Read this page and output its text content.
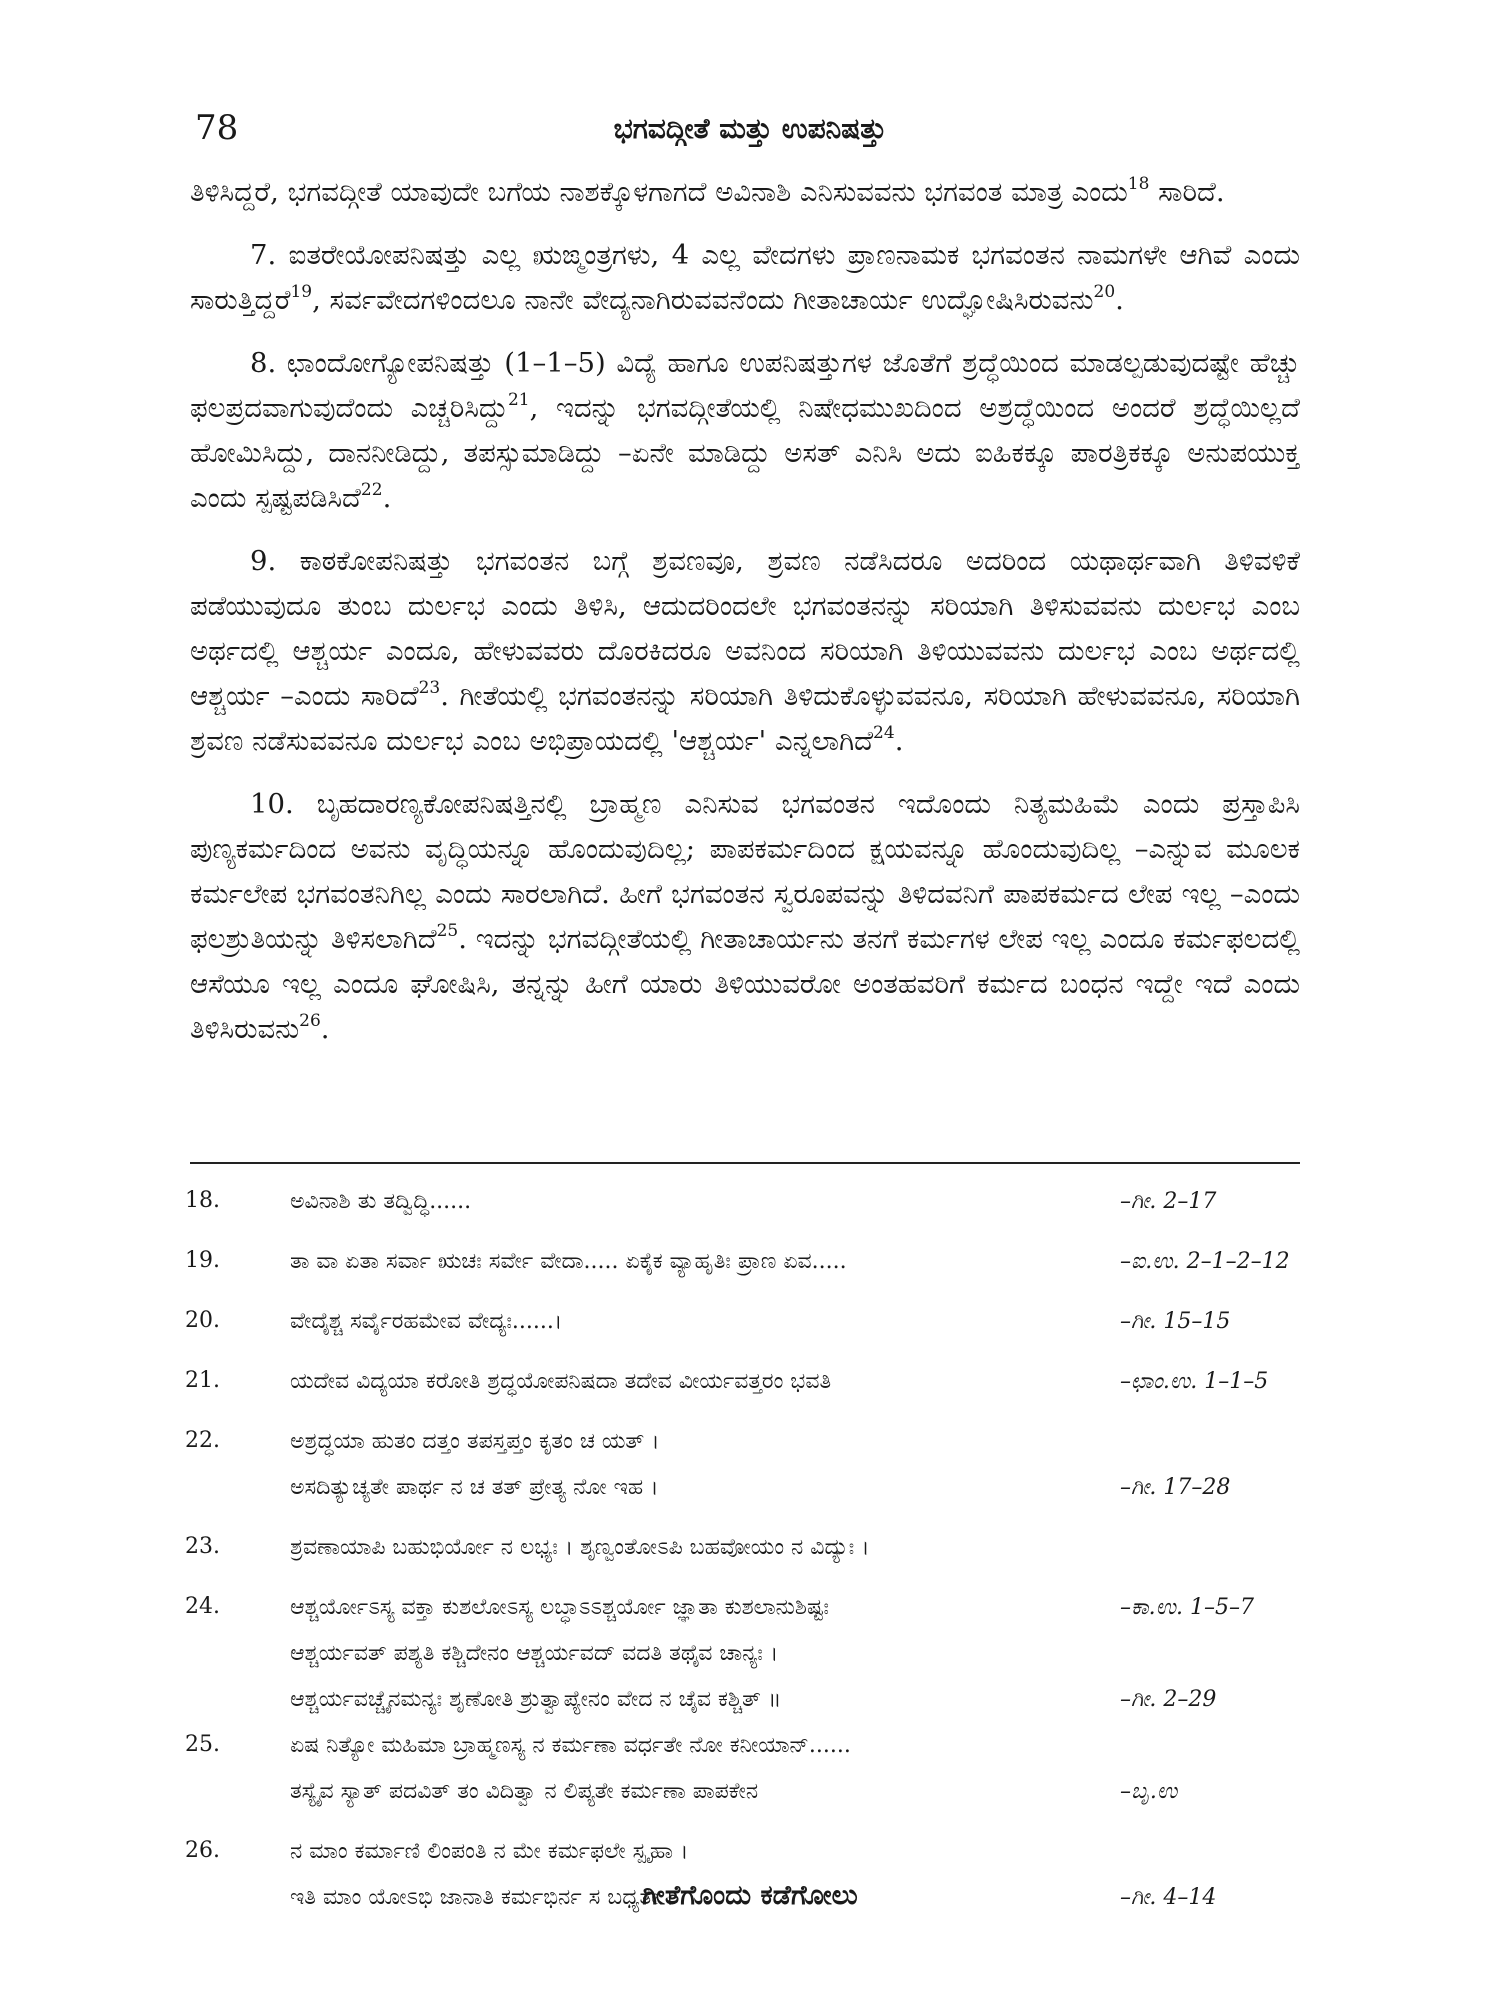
78	ಭಗವದ್ಗೀತೆ ಮತ್ತು ಉಪನಿಷತ್ತು

ತಿಳಿಸಿದ್ದರೆ, ಭಗವದ್ಗೀತೆ ಯಾವುದೇ ಬಗೆಯ ನಾಶಕ್ಕೊಳಗಾಗದೆ ಅವಿನಾಶಿ ಎನಿಸುವವನು ಭಗವಂತ ಮಾತ್ರ ಎಂದು$^{18}$ ಸಾರಿದೆ.

7. ಐತರೇಯೋಪನಿಷತ್ತು ಎಲ್ಲ ಋಙ್ಮಂತ್ರಗಳು, 4 ಎಲ್ಲ ವೇದಗಳು ಪ್ರಾಣನಾಮಕ ಭಗವಂತನ ನಾಮಗಳೇ ಆಗಿವೆ ಎಂದು ಸಾರುತ್ತಿದ್ದರೆ$^{19}$, ಸರ್ವವೇದಗಳಿಂದಲೂ ನಾನೇ ವೇದ್ಯನಾಗಿರುವವನೆಂದು ಗೀತಾಚಾರ್ಯ ಉದ್ಘೋಷಿಸಿರುವನು$^{20}$.

8. ಛಾಂದೋಗ್ಯೋಪನಿಷತ್ತು (1–1–5) ವಿದ್ಯೆ ಹಾಗೂ ಉಪನಿಷತ್ತುಗಳ ಜೊತೆಗೆ ಶ್ರದ್ಧೆಯಿಂದ ಮಾಡಲ್ಪಡುವುದಷ್ಟೇ ಹೆಚ್ಚು ಫಲಪ್ರದವಾಗುವುದೆಂದು ಎಚ್ಚರಿಸಿದ್ದು$^{21}$, ಇದನ್ನು ಭಗವದ್ಗೀತೆಯಲ್ಲಿ ನಿಷೇಧಮುಖದಿಂದ ಅಶ್ರದ್ಧೆಯಿಂದ ಅಂದರೆ ಶ್ರದ್ಧೆಯಿಲ್ಲದೆ ಹೋಮಿಸಿದ್ದು, ದಾನನೀಡಿದ್ದು, ತಪಸ್ಸುಮಾಡಿದ್ದು –ಏನೇ ಮಾಡಿದ್ದು ಅಸತ್ ಎನಿಸಿ ಅದು ಐಹಿಕಕ್ಕೂ ಪಾರತ್ರಿಕಕ್ಕೂ ಅನುಪಯುಕ್ತ ಎಂದು ಸ್ಪಷ್ಟಪಡಿಸಿದೆ$^{22}$.

9. ಕಾಠಕೋಪನಿಷತ್ತು ಭಗವಂತನ ಬಗ್ಗೆ ಶ್ರವಣವೂ, ಶ್ರವಣ ನಡೆಸಿದರೂ ಅದರಿಂದ ಯಥಾರ್ಥವಾಗಿ ತಿಳಿವಳಿಕೆ ಪಡೆಯುವುದೂ ತುಂಬ ದುರ್ಲಭ ಎಂದು ತಿಳಿಸಿ, ಆದುದರಿಂದಲೇ ಭಗವಂತನನ್ನು ಸರಿಯಾಗಿ ತಿಳಿಸುವವನು ದುರ್ಲಭ ಎಂಬ ಅರ್ಥದಲ್ಲಿ ಆಶ್ಚರ್ಯ ಎಂದೂ, ಹೇಳುವವರು ದೊರಕಿದರೂ ಅವನಿಂದ ಸರಿಯಾಗಿ ತಿಳಿಯುವವನು ದುರ್ಲಭ ಎಂಬ ಅರ್ಥದಲ್ಲಿ ಆಶ್ಚರ್ಯ –ಎಂದು ಸಾರಿದೆ$^{23}$. ಗೀತೆಯಲ್ಲಿ ಭಗವಂತನನ್ನು ಸರಿಯಾಗಿ ತಿಳಿದುಕೊಳ್ಳುವವನೂ, ಸರಿಯಾಗಿ ಹೇಳುವವನೂ, ಸರಿಯಾಗಿ ಶ್ರವಣ ನಡೆಸುವವನೂ ದುರ್ಲಭ ಎಂಬ ಅಭಿಪ್ರಾಯದಲ್ಲಿ 'ಆಶ್ಚರ್ಯ' ಎನ್ನಲಾಗಿದೆ$^{24}$.

10. ಬೃಹದಾರಣ್ಯಕೋಪನಿಷತ್ತಿನಲ್ಲಿ ಬ್ರಾಹ್ಮಣ ಎನಿಸುವ ಭಗವಂತನ ಇದೊಂದು ನಿತ್ಯಮಹಿಮೆ ಎಂದು ಪ್ರಸ್ತಾಪಿಸಿ ಪುಣ್ಯಕರ್ಮದಿಂದ ಅವನು ವೃದ್ಧಿಯನ್ನೂ ಹೊಂದುವುದಿಲ್ಲ; ಪಾಪಕರ್ಮದಿಂದ ಕ್ಷಯವನ್ನೂ ಹೊಂದುವುದಿಲ್ಲ –ಎನ್ನುವ ಮೂಲಕ ಕರ್ಮಲೇಪ ಭಗವಂತನಿಗಿಲ್ಲ ಎಂದು ಸಾರಲಾಗಿದೆ. ಹೀಗೆ ಭಗವಂತನ ಸ್ವರೂಪವನ್ನು ತಿಳಿದವನಿಗೆ ಪಾಪಕರ್ಮದ ಲೇಪ ಇಲ್ಲ –ಎಂದು ಫಲಶ್ರುತಿಯನ್ನು ತಿಳಿಸಲಾಗಿದೆ$^{25}$. ಇದನ್ನು ಭಗವದ್ಗೀತೆಯಲ್ಲಿ ಗೀತಾಚಾರ್ಯನು ತನಗೆ ಕರ್ಮಗಳ ಲೇಪ ಇಲ್ಲ ಎಂದೂ ಕರ್ಮಫಲದಲ್ಲಿ ಆಸೆಯೂ ಇಲ್ಲ ಎಂದೂ ಘೋಷಿಸಿ, ತನ್ನನ್ನು ಹೀಗೆ ಯಾರು ತಿಳಿಯುವರೋ ಅಂತಹವರಿಗೆ ಕರ್ಮದ ಬಂಧನ ಇದ್ದೇ ಇದೆ ಎಂದು ತಿಳಿಸಿರುವನು$^{26}$.

18.	ಅವಿನಾಶಿ ತು ತದ್ವಿದ್ಧಿ......	–ಗೀ. 2–17
19.	ತಾ ವಾ ಏತಾ ಸರ್ವಾ ಋಚಃ ಸರ್ವೇ ವೇದಾ..... ಏಕೈಕ ವ್ಯಾಹೃತಿಃ ಪ್ರಾಣ ಏವ.....	–ಐ.ಉ. 2–1–2–12
20.	ವೇದೈಶ್ಚ ಸರ್ವೈರಹಮೇವ ವೇದ್ಯಃ......।	–ಗೀ. 15–15
21.	ಯದೇವ ವಿದ್ಯಯಾ ಕರೋತಿ ಶ್ರದ್ಧಯೋಪನಿಷದಾ ತದೇವ ವೀರ್ಯವತ್ತರಂ ಭವತಿ	–ಛಾಂ.ಉ. 1–1–5
22.	ಅಶ್ರದ್ಧಯಾ ಹುತಂ ದತ್ತಂ ತಪಸ್ತಪ್ತಂ ಕೃತಂ ಚ ಯತ್ ।
ಅಸದಿತ್ಯುಚ್ಯತೇ ಪಾರ್ಥ ನ ಚ ತತ್ ಪ್ರೇತ್ಯ ನೋ ಇಹ ।	–ಗೀ. 17–28
23.	ಶ್ರವಣಾಯಾಪಿ ಬಹುಭಿರ್ಯೋ ನ ಲಭ್ಯಃ । ಶೃಣ್ವಂತೋಽಪಿ ಬಹವೋಯಂ ನ ವಿದ್ಯುಃ ।
24.	ಆಶ್ಚರ್ಯೋಽಸ್ಯ ವಕ್ತಾ ಕುಶಲೋಽಸ್ಯ ಲಬ್ಧಾಽಽಶ್ಚರ್ಯೋ ಜ್ಞಾತಾ ಕುಶಲಾನುಶಿಷ್ಟಃ	–ಕಾ.ಉ. 1–5–7
ಆಶ್ಚರ್ಯವತ್ ಪಶ್ಯತಿ ಕಶ್ಚಿದೇನಂ ಆಶ್ಚರ್ಯವದ್ ವದತಿ ತಥೈವ ಚಾನ್ಯಃ ।
ಆಶ್ಚರ್ಯವಚ್ಚೈನಮನ್ಯಃ ಶೃಣೋತಿ ಶ್ರುತ್ವಾಪ್ಯೇನಂ ವೇದ ನ ಚೈವ ಕಶ್ಚಿತ್ ॥	–ಗೀ. 2–29
25.	ಏಷ ನಿತ್ಯೋ ಮಹಿಮಾ ಬ್ರಾಹ್ಮಣಸ್ಯ ನ ಕರ್ಮಣಾ ವರ್ಧತೇ ನೋ ಕನೀಯಾನ್......
ತಸ್ಯೈವ ಸ್ಯಾತ್ ಪದವಿತ್ ತಂ ವಿದಿತ್ವಾ ನ ಲಿಪ್ಯತೇ ಕರ್ಮಣಾ ಪಾಪಕೇನ	–ಬೃ.ಉ
26.	ನ ಮಾಂ ಕರ್ಮಾಣಿ ಲಿಂಪಂತಿ ನ ಮೇ ಕರ್ಮಫಲೇ ಸ್ಪೃಹಾ ।
ಇತಿ ಮಾಂ ಯೋಽಭಿ ಜಾನಾತಿ ಕರ್ಮಭಿರ್ನ ಸ ಬಧ್ಯತೇ ।	–ಗೀ. 4–14
ಗೀತೆಗೊಂದು ಕಡೆಗೋಲು
